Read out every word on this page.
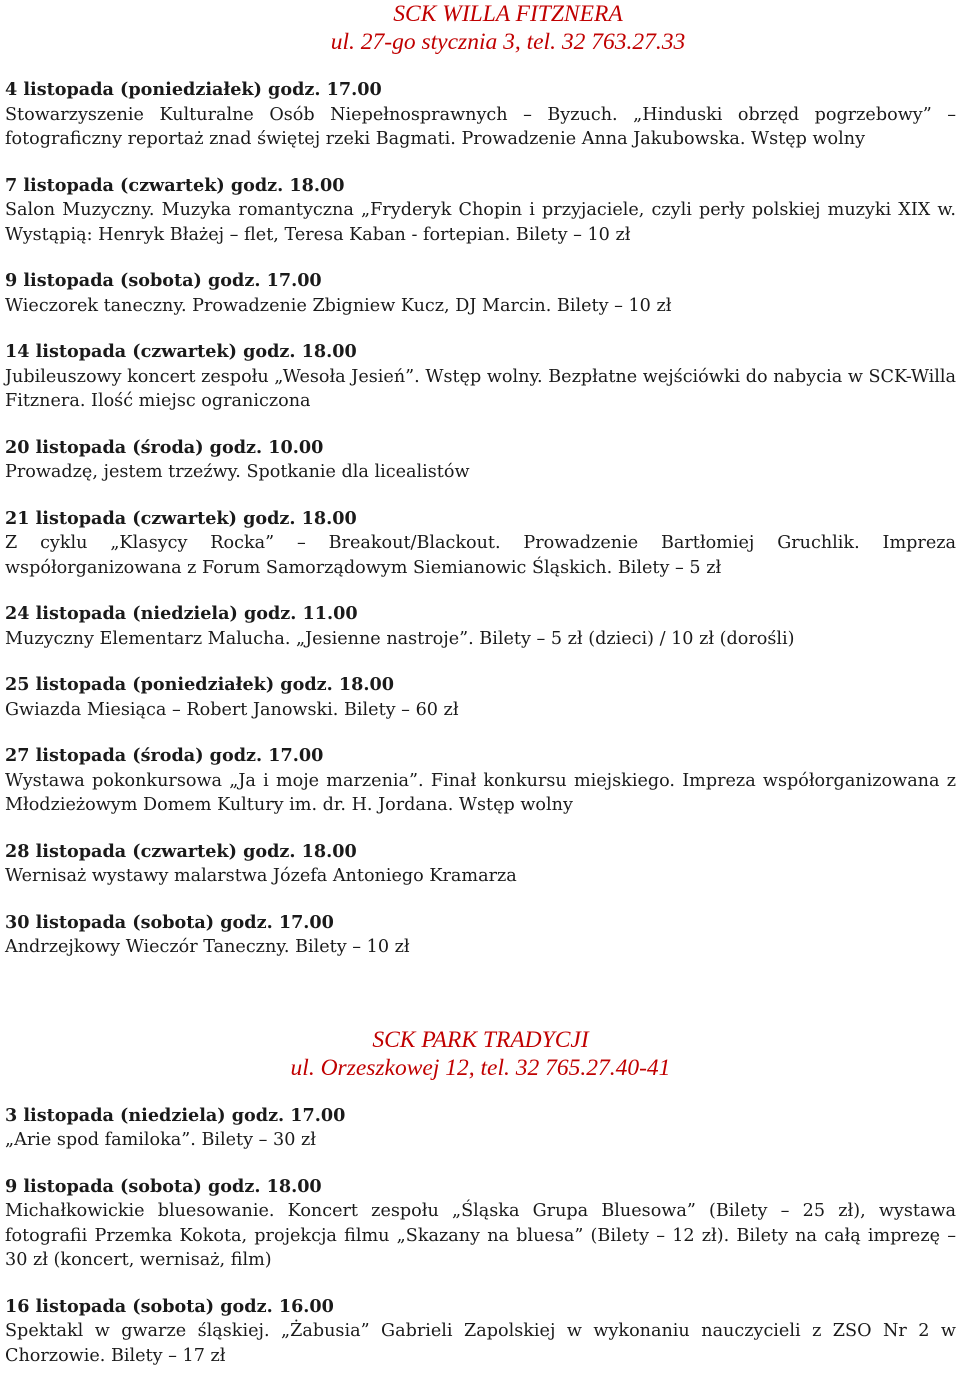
SCK WILLA FITZNERA
ul. 27-go stycznia 3, tel. 32 763.27.33
4 listopada (poniedziałek) godz. 17.00
Stowarzyszenie Kulturalne Osób Niepełnosprawnych – Byzuch. „Hinduski obrzęd pogrzebowy” – fotograficzny reportaż znad świętej rzeki Bagmati. Prowadzenie Anna Jakubowska. Wstęp wolny
7 listopada (czwartek) godz. 18.00
Salon Muzyczny. Muzyka romantyczna „Fryderyk Chopin i przyjaciele, czyli perły polskiej muzyki XIX w. Wystąpią: Henryk Błażej – flet, Teresa Kaban - fortepian. Bilety – 10 zł
9 listopada (sobota) godz. 17.00
Wieczorek taneczny. Prowadzenie Zbigniew Kucz, DJ Marcin. Bilety – 10 zł
14 listopada (czwartek) godz. 18.00
Jubileuszowy koncert zespołu „Wesoła Jesień”. Wstęp wolny. Bezpłatne wejściówki do nabycia w SCK-Willa Fitznera. Ilość miejsc ograniczona
20 listopada (środa) godz. 10.00
Prowadzę, jestem trzeźwy. Spotkanie dla licealistów
21 listopada (czwartek) godz. 18.00
Z cyklu „Klasycy Rocka” – Breakout/Blackout. Prowadzenie Bartłomiej Gruchlik. Impreza współorganizowana z Forum Samorządowym Siemianowic Śląskich. Bilety – 5 zł
24 listopada (niedziela) godz. 11.00
Muzyczny Elementarz Malucha. „Jesienne nastroje”. Bilety – 5 zł (dzieci) / 10 zł (dorośli)
25 listopada (poniedziałek) godz. 18.00
Gwiazda Miesiąca – Robert Janowski. Bilety – 60 zł
27 listopada (środa) godz. 17.00
Wystawa pokonkursowa „Ja i moje marzenia”. Finał konkursu miejskiego. Impreza współorganizowana z Młodzieżowym Domem Kultury im. dr. H. Jordana. Wstęp wolny
28 listopada (czwartek) godz. 18.00
Wernisaż wystawy malarstwa Józefa Antoniego Kramarza
30 listopada (sobota) godz. 17.00
Andrzejkowy Wieczór Taneczny. Bilety – 10 zł
SCK PARK TRADYCJI
ul. Orzeszkowej 12, tel. 32 765.27.40-41
3 listopada (niedziela) godz. 17.00
„Arie spod familoka”. Bilety – 30 zł
9 listopada (sobota) godz. 18.00
Michałkowickie bluesowanie. Koncert zespołu „Śląska Grupa Bluesowa” (Bilety – 25 zł), wystawa fotografii Przemka Kokota, projekcja filmu „Skazany na bluesa” (Bilety – 12 zł). Bilety na całą imprezę – 30 zł (koncert, wernisaż, film)
16 listopada (sobota) godz. 16.00
Spektakl w gwarze śląskiej. „Żabusia” Gabrieli Zapolskiej w wykonaniu nauczycieli z ZSO Nr 2 w Chorzowie. Bilety – 17 zł
